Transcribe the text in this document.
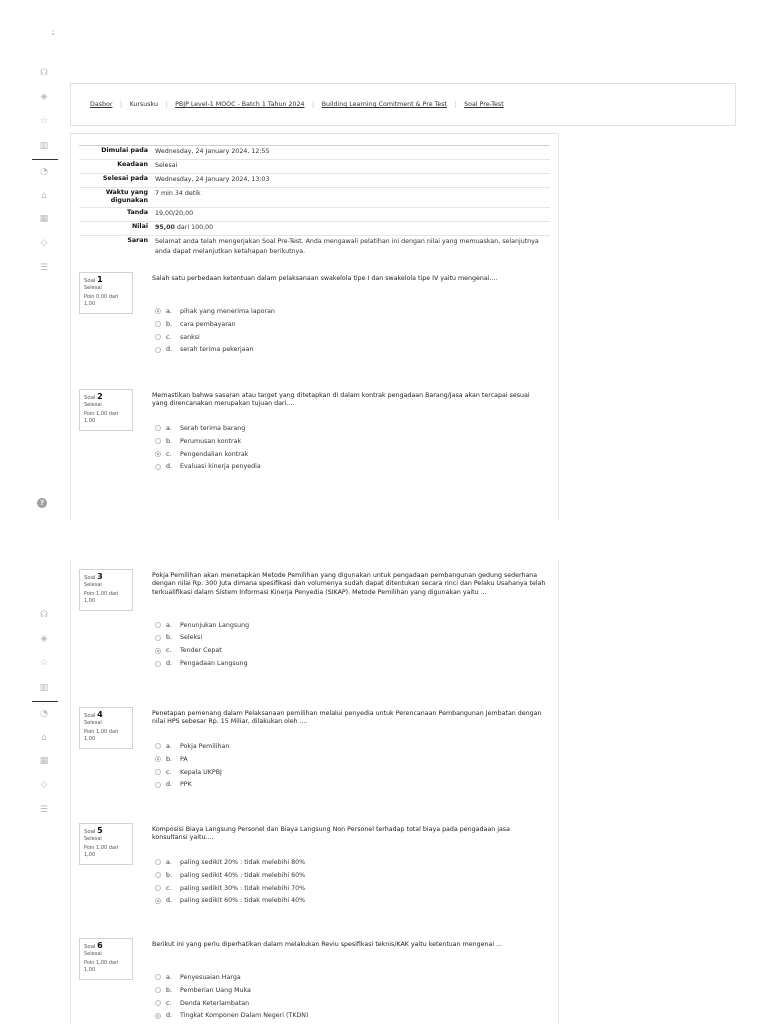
;
☊
◈
☆
▥
◔
⌂
▦
◇
☰
Dasbor ⟩ Kursusku ⟩ PBJP Level-1 MOOC - Batch 1 Tahun 2024 ⟩ Building Learning Comitment & Pre Test ⟩ Soal Pre-Test
Dimulai pada	Wednesday, 24 January 2024, 12:55
Keadaan	Selesai
Selesai pada	Wednesday, 24 January 2024, 13:03
Waktu yang digunakan	7 min 34 detik
Tanda	19,00/20,00
Nilai	95,00 dari 100,00
Saran	Selamat anda telah mengerjakan Soal Pre-Test. Anda mengawali pelatihan ini dengan nilai yang memuaskan, selanjutnya anda dapat melanjutkan ketahapan berikutnya.
Soal 1
Selesai
Poin 0,00 dari 1,00
Salah satu perbedaan ketentuan dalam pelaksanaan swakelola tipe I dan swakelola tipe IV yaitu mengenai....
a.	pihak yang menerima laporan
b.	cara pembayaran
c.	sanksi
d.	serah terima pekerjaan
Soal 2
Selesai
Poin 1,00 dari 1,00
Memastikan bahwa sasaran atau target yang ditetapkan di dalam kontrak pengadaan Barang/Jasa akan tercapai sesuai yang direncanakan merupakan tujuan dari....
a.	Serah terima barang
b.	Perumusan kontrak
c.	Pengendalian kontrak
d.	Evaluasi kinerja penyedia
?
☊
◈
☆
▥
◔
⌂
▦
◇
☰
Soal 3
Selesai
Poin 1,00 dari 1,00
Pokja Pemilihan akan menetapkan Metode Pemilihan yang digunakan untuk pengadaan pembangunan gedung sederhana dengan nilai Rp. 300 Juta dimana spesifikasi dan volumenya sudah dapat ditentukan secara rinci dan Pelaku Usahanya telah terkualifikasi dalam Sistem Informasi Kinerja Penyedia (SIKAP). Metode Pemilihan yang digunakan yaitu ...
a.	Penunjukan Langsung
b.	Seleksi
c.	Tender Cepat
d.	Pengadaan Langsung
Soal 4
Selesai
Poin 1,00 dari 1,00
Penetapan pemenang dalam Pelaksanaan pemilihan melalui penyedia untuk Perencanaan Pembangunan Jembatan dengan nilai HPS sebesar Rp. 15 Miliar, dilakukan oleh ....
a.	Pokja Pemilihan
b.	PA
c.	Kepala UKPBJ
d.	PPK
Soal 5
Selesai
Poin 1,00 dari 1,00
Komposisi Biaya Langsung Personel dan Biaya Langsung Non Personel terhadap total biaya pada pengadaan jasa konsultansi yaitu....
a.	paling sedikit 20% : tidak melebihi 80%
b.	paling sedikit 40% : tidak melebihi 60%
c.	paling sedikit 30% : tidak melebihi 70%
d.	paling sedikit 60% : tidak melebihi 40%
Soal 6
Selesai
Poin 1,00 dari 1,00
Berikut ini yang perlu diperhatikan dalam melakukan Reviu spesifikasi teknis/KAK yaitu ketentuan mengenai ...
a.	Penyesuaian Harga
b.	Pemberian Uang Muka
c.	Denda Keterlambatan
d.	Tingkat Komponen Dalam Negeri (TKDN)
